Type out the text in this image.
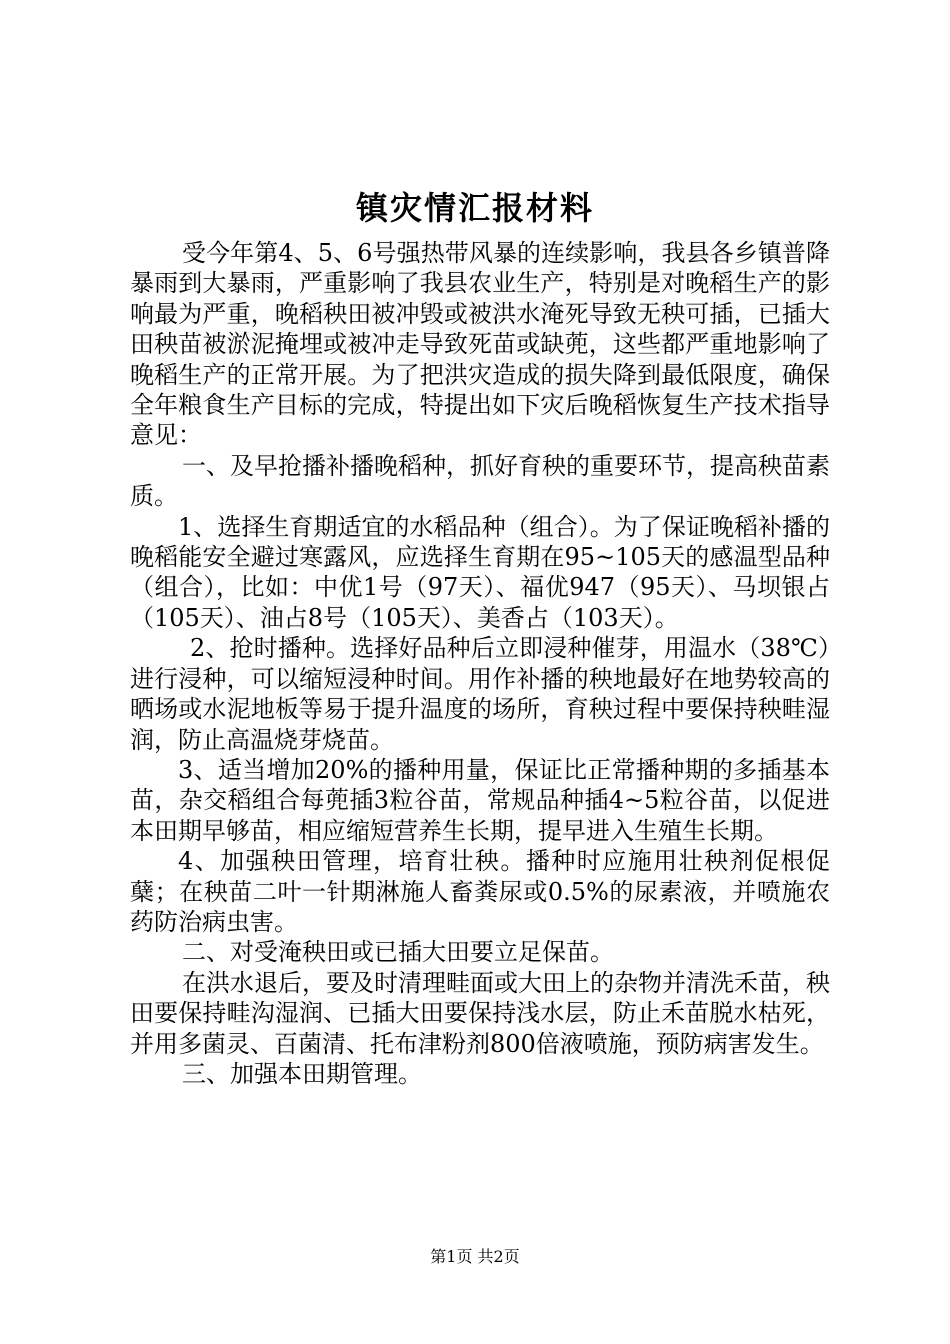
镇灾情汇报材料

受今年第4、5、6号强热带风暴的连续影响，我县各乡镇普降暴雨到大暴雨，严重影响了我县农业生产，特别是对晚稻生产的影响最为严重，晚稻秧田被冲毁或被洪水淹死导致无秧可插，已插大田秧苗被淤泥掩埋或被冲走导致死苗或缺蔸，这些都严重地影响了晚稻生产的正常开展。为了把洪灾造成的损失降到最低限度，确保全年粮食生产目标的完成，特提出如下灾后晚稻恢复生产技术指导意见：

一、及早抢播补播晚稻种，抓好育秧的重要环节，提高秧苗素质。

1、选择生育期适宜的水稻品种（组合）。为了保证晚稻补播的晚稻能安全避过寒露风，应选择生育期在95~105天的感温型品种（组合），比如：中优1号（97天）、福优947（95天）、马坝银占（105天）、油占8号（105天）、美香占（103天）。

2、抢时播种。选择好品种后立即浸种催芽，用温水（38℃）进行浸种，可以缩短浸种时间。用作补播的秧地最好在地势较高的晒场或水泥地板等易于提升温度的场所，育秧过程中要保持秧畦湿润，防止高温烧芽烧苗。

3、适当增加20%的播种用量，保证比正常播种期的多插基本苗，杂交稻组合每蔸插3粒谷苗，常规品种插4~5粒谷苗，以促进本田期早够苗，相应缩短营养生长期，提早进入生殖生长期。

4、加强秧田管理，培育壮秧。播种时应施用壮秧剂促根促蘖；在秧苗二叶一针期淋施人畜粪尿或0.5%的尿素液，并喷施农药防治病虫害。

二、对受淹秧田或已插大田要立足保苗。

在洪水退后，要及时清理畦面或大田上的杂物并清洗禾苗，秧田要保持畦沟湿润、已插大田要保持浅水层，防止禾苗脱水枯死，并用多菌灵、百菌清、托布津粉剂800倍液喷施，预防病害发生。

三、加强本田期管理。

第1页 共2页
